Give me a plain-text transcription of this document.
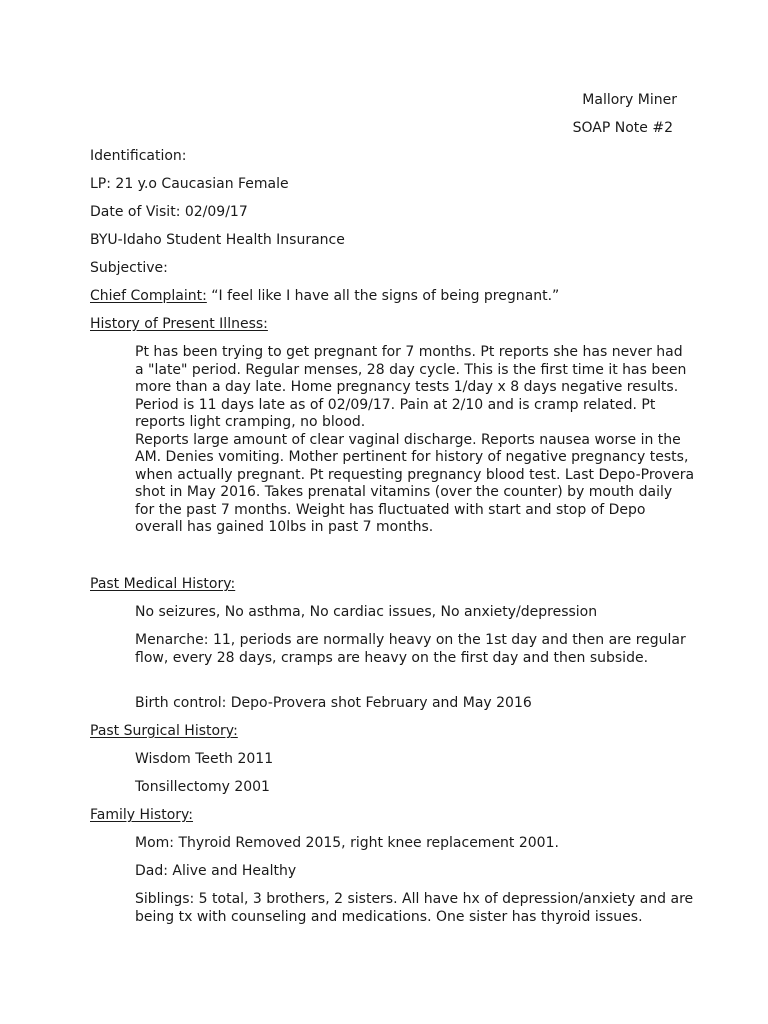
Mallory Miner
SOAP Note #2
Identification:
LP: 21 y.o Caucasian Female
Date of Visit: 02/09/17
BYU-Idaho Student Health Insurance
Subjective:
Chief Complaint: “I feel like I have all the signs of being pregnant.”
History of Present Illness:

Pt has been trying to get pregnant for 7 months. Pt reports she has never had a "late" period. Regular menses, 28 day cycle. This is the first time it has been more than a day late. Home pregnancy tests 1/day x 8 days negative results. Period is 11 days late as of 02/09/17. Pain at 2/10 and is cramp related. Pt reports light cramping, no blood.

Reports large amount of clear vaginal discharge. Reports nausea worse in the AM. Denies vomiting. Mother pertinent for history of negative pregnancy tests, when actually pregnant. Pt requesting pregnancy blood test. Last Depo-Provera shot in May 2016. Takes prenatal vitamins (over the counter) by mouth daily for the past 7 months. Weight has fluctuated with start and stop of Depo overall has gained 10lbs in past 7 months.

Past Medical History:
No seizures, No asthma, No cardiac issues, No anxiety/depression
Menarche: 11, periods are normally heavy on the 1st day and then are regular flow, every 28 days, cramps are heavy on the first day and then subside.
Birth control: Depo-Provera shot February and May 2016
Past Surgical History:
Wisdom Teeth 2011
Tonsillectomy 2001
Family History:
Mom: Thyroid Removed 2015, right knee replacement 2001.
Dad: Alive and Healthy
Siblings: 5 total, 3 brothers, 2 sisters. All have hx of depression/anxiety and are being tx with counseling and medications. One sister has thyroid issues.
